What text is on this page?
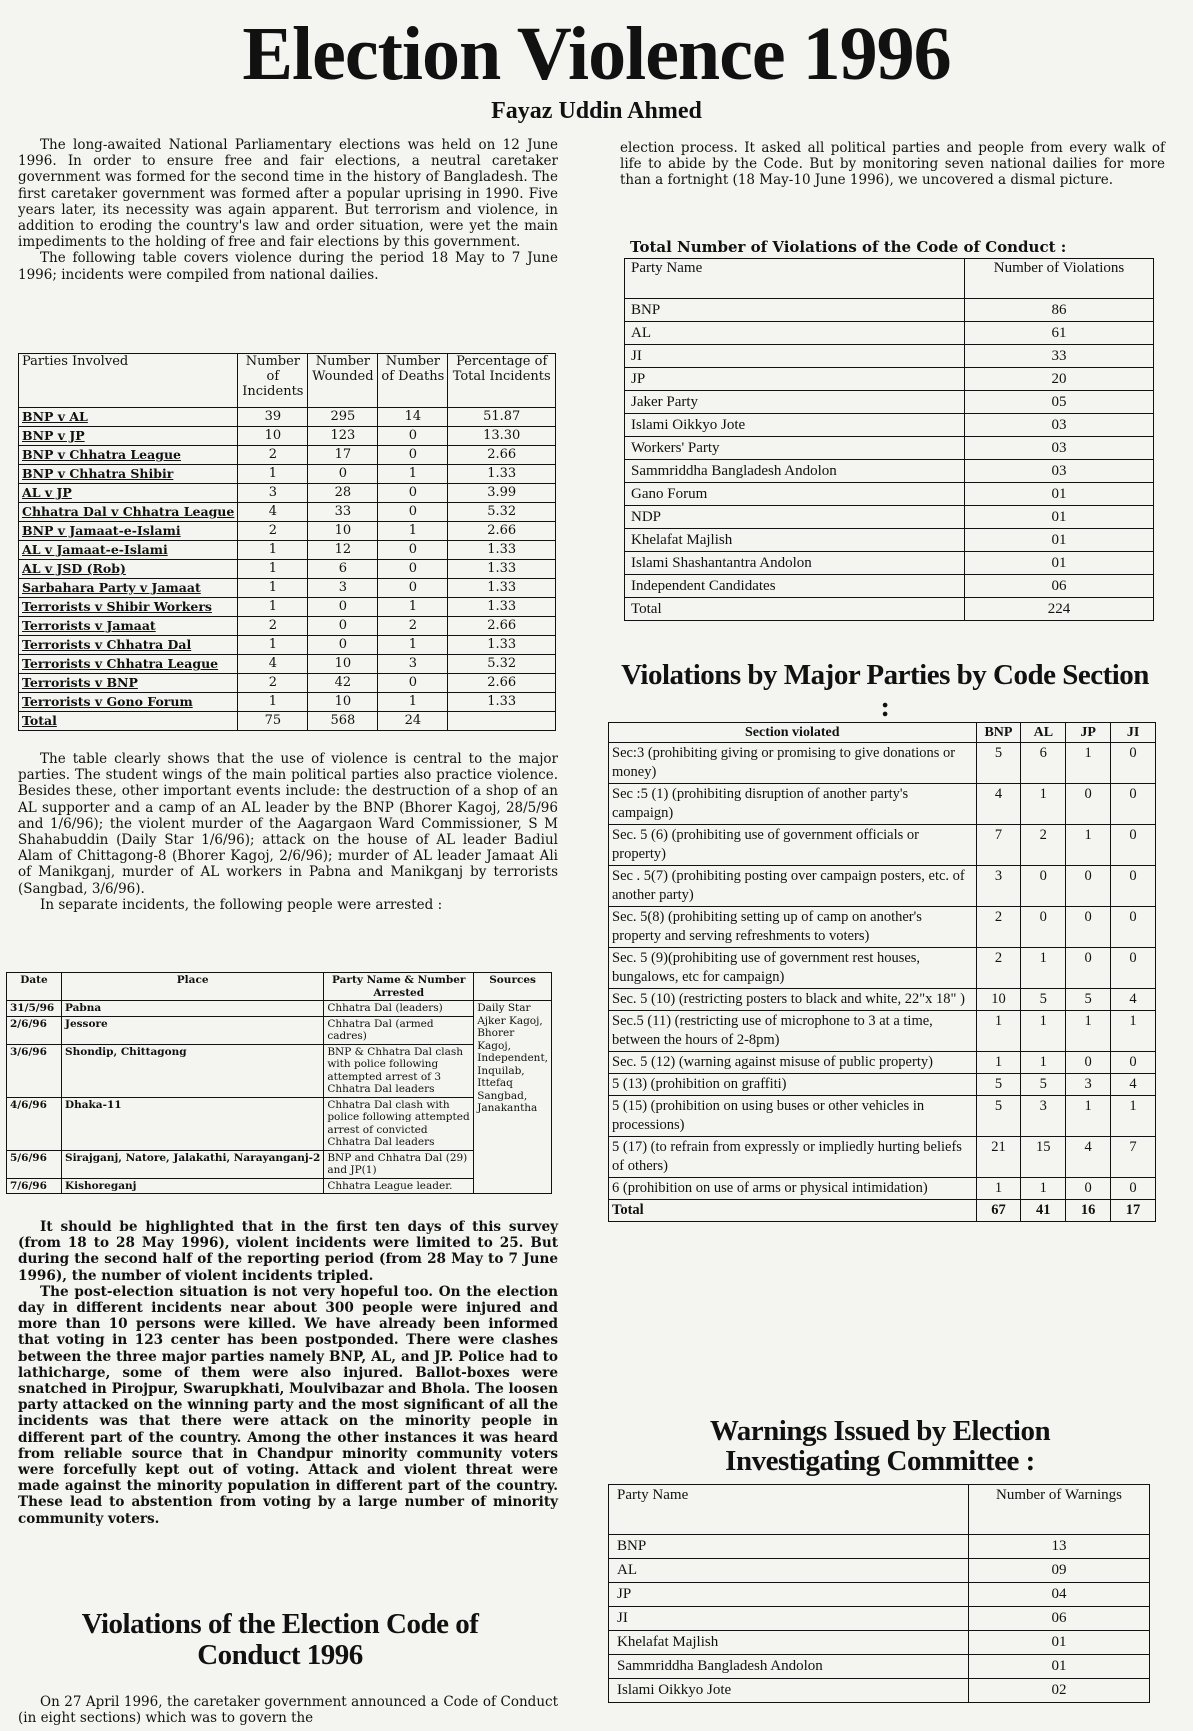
Election Violence 1996
Fayaz Uddin Ahmed

The long-awaited National Parliamentary elections was held on 12 June 1996. In order to ensure free and fair elections, a neutral caretaker government was formed for the second time in the history of Bangladesh. The first caretaker government was formed after a popular uprising in 1990. Five years later, its necessity was again apparent. But terrorism and violence, in addition to eroding the country's law and order situation, were yet the main impediments to the holding of free and fair elections by this government.

The following table covers violence during the period 18 May to 7 June 1996; incidents were compiled from national dailies.

Parties Involved	Number of Incidents	Number Wounded	Number of Deaths	Percentage of Total Incidents
BNP v AL	39	295	14	51.87
BNP v JP	10	123	0	13.30
BNP v Chhatra League	2	17	0	2.66
BNP v Chhatra Shibir	1	0	1	1.33
AL v JP	3	28	0	3.99
Chhatra Dal v Chhatra League	4	33	0	5.32
BNP v Jamaat-e-Islami	2	10	1	2.66
AL v Jamaat-e-Islami	1	12	0	1.33
AL v JSD (Rob)	1	6	0	1.33
Sarbahara Party v Jamaat	1	3	0	1.33
Terrorists v Shibir Workers	1	0	1	1.33
Terrorists v Jamaat	2	0	2	2.66
Terrorists v Chhatra Dal	1	0	1	1.33
Terrorists v Chhatra League	4	10	3	5.32
Terrorists v BNP	2	42	0	2.66
Terrorists v Gono Forum	1	10	1	1.33
Total	75	568	24	

The table clearly shows that the use of violence is central to the major parties. The student wings of the main political parties also practice violence. Besides these, other important events include: the destruction of a shop of an AL supporter and a camp of an AL leader by the BNP (Bhorer Kagoj, 28/5/96 and 1/6/96); the violent murder of the Aagargaon Ward Commissioner, S M Shahabuddin (Daily Star 1/6/96); attack on the house of AL leader Badiul Alam of Chittagong-8 (Bhorer Kagoj, 2/6/96); murder of AL leader Jamaat Ali of Manikganj, murder of AL workers in Pabna and Manikganj by terrorists (Sangbad, 3/6/96).

In separate incidents, the following people were arrested :

Date	Place	Party Name & Number Arrested	Sources
31/5/96	Pabna	Chhatra Dal (leaders)	Daily Star Ajker Kagoj, Bhorer Kagoj, Independent, Inquilab, Ittefaq Sangbad, Janakantha
2/6/96	Jessore	Chhatra Dal (armed cadres)	
3/6/96	Shondip, Chittagong	BNP & Chhatra Dal clash with police following attempted arrest of 3 Chhatra Dal leaders	
4/6/96	Dhaka-11	Chhatra Dal clash with police following attempted arrest of convicted Chhatra Dal leaders	
5/6/96	Sirajganj, Natore, Jalakathi, Narayanganj-2	BNP and Chhatra Dal (29) and JP(1)	
7/6/96	Kishoreganj	Chhatra League leader.	

It should be highlighted that in the first ten days of this survey (from 18 to 28 May 1996), violent incidents were limited to 25. But during the second half of the reporting period (from 28 May to 7 June 1996), the number of violent incidents tripled.

The post-election situation is not very hopeful too. On the election day in different incidents near about 300 people were injured and more than 10 persons were killed. We have already been informed that voting in 123 center has been postponded. There were clashes between the three major parties namely BNP, AL, and JP. Police had to lathicharge, some of them were also injured. Ballot-boxes were snatched in Pirojpur, Swarupkhati, Moulvibazar and Bhola. The loosen party attacked on the winning party and the most significant of all the incidents was that there were attack on the minority people in different part of the country. Among the other instances it was heard from reliable source that in Chandpur minority community voters were forcefully kept out of voting. Attack and violent threat were made against the minority population in different part of the country. These lead to abstention from voting by a large number of minority community voters.

Violations of the Election Code of Conduct 1996

On 27 April 1996, the caretaker government announced a Code of Conduct (in eight sections) which was to govern the

election process. It asked all political parties and people from every walk of life to abide by the Code. But by monitoring seven national dailies for more than a fortnight (18 May-10 June 1996), we uncovered a dismal picture.

Total Number of Violations of the Code of Conduct :
Party Name	Number of Violations
BNP	86
AL	61
JI	33
JP	20
Jaker Party	05
Islami Oikkyo Jote	03
Workers' Party	03
Sammriddha Bangladesh Andolon	03
Gano Forum	01
NDP	01
Khelafat Majlish	01
Islami Shashantantra Andolon	01
Independent Candidates	06
Total	224
Violations by Major Parties by Code Section :
Section violated	BNP	AL	JP	JI
Sec:3 (prohibiting giving or promising to give donations or money)	5	6	1	0
Sec :5 (1) (prohibiting disruption of another party's campaign)	4	1	0	0
Sec. 5 (6) (prohibiting use of government officials or property)	7	2	1	0
Sec . 5(7) (prohibiting posting over campaign posters, etc. of another party)	3	0	0	0
Sec. 5(8) (prohibiting setting up of camp on another's property and serving refreshments to voters)	2	0	0	0
Sec. 5 (9)(prohibiting use of government rest houses, bungalows, etc for campaign)	2	1	0	0
Sec. 5 (10) (restricting posters to black and white, 22"x 18" )	10	5	5	4
Sec.5 (11) (restricting use of microphone to 3 at a time, between the hours of 2-8pm)	1	1	1	1
Sec. 5 (12) (warning against misuse of public property)	1	1	0	0
5 (13) (prohibition on graffiti)	5	5	3	4
5 (15) (prohibition on using buses or other vehicles in processions)	5	3	1	1
5 (17) (to refrain from expressly or impliedly hurting beliefs of others)	21	15	4	7
6 (prohibition on use of arms or physical intimidation)	1	1	0	0
Total	67	41	16	17
Warnings Issued by Election Investigating Committee :
Party Name	Number of Warnings
BNP	13
AL	09
JP	04
JI	06
Khelafat Majlish	01
Sammriddha Bangladesh Andolon	01
Islami Oikkyo Jote	02
